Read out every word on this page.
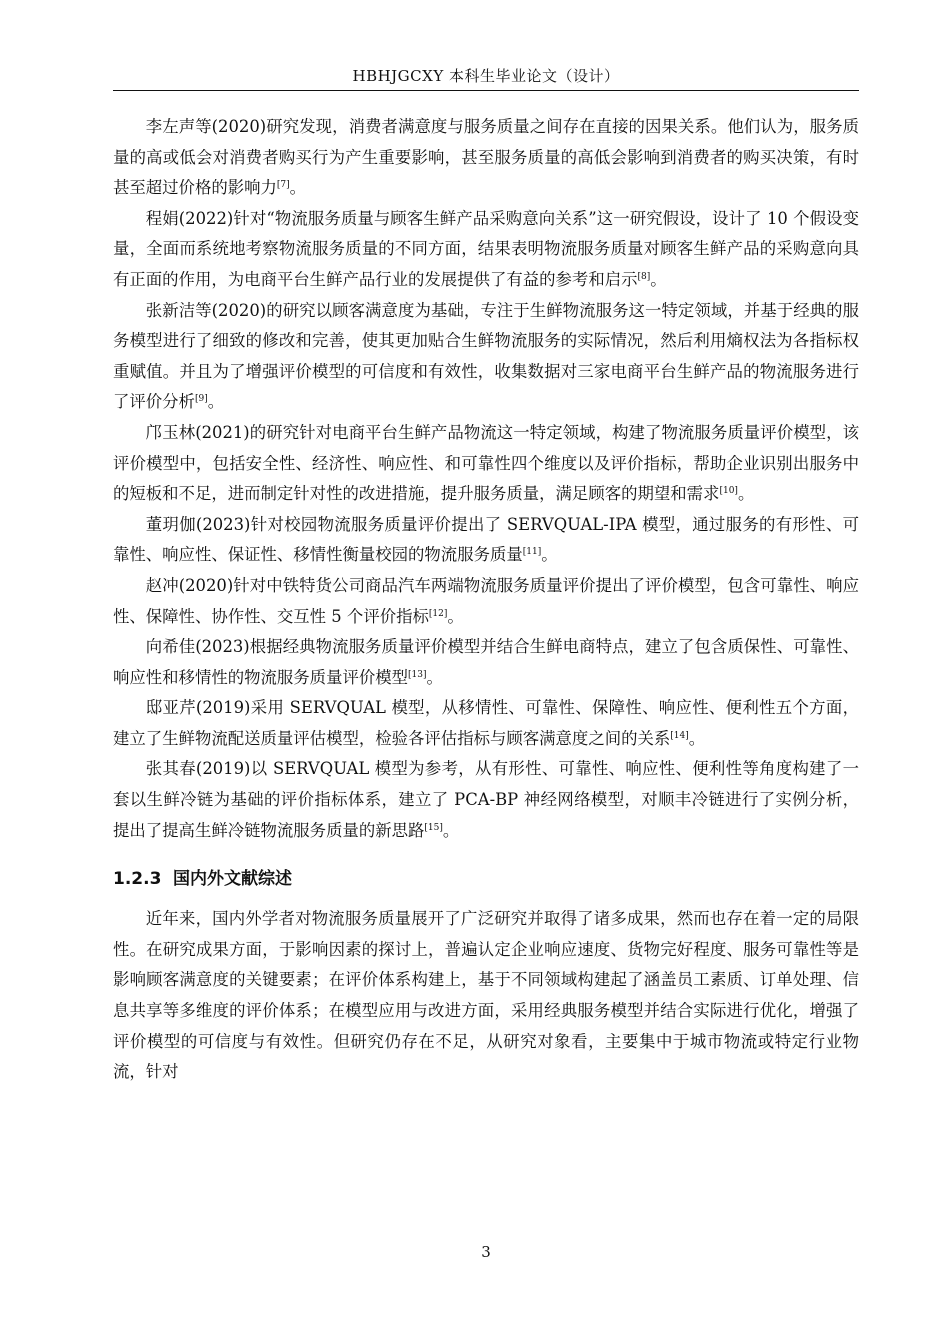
HBHJGCXY 本科生毕业论文（设计）

李左声等(2020)研究发现，消费者满意度与服务质量之间存在直接的因果关系。他们认为，服务质量的高或低会对消费者购买行为产生重要影响，甚至服务质量的高低会影响到消费者的购买决策，有时甚至超过价格的影响力[7]。

程娟(2022)针对“物流服务质量与顾客生鲜产品采购意向关系”这一研究假设，设计了 10 个假设变量，全面而系统地考察物流服务质量的不同方面，结果表明物流服务质量对顾客生鲜产品的采购意向具有正面的作用，为电商平台生鲜产品行业的发展提供了有益的参考和启示[8]。

张新洁等(2020)的研究以顾客满意度为基础，专注于生鲜物流服务这一特定领域，并基于经典的服务模型进行了细致的修改和完善，使其更加贴合生鲜物流服务的实际情况，然后利用熵权法为各指标权重赋值。并且为了增强评价模型的可信度和有效性，收集数据对三家电商平台生鲜产品的物流服务进行了评价分析[9]。

邝玉林(2021)的研究针对电商平台生鲜产品物流这一特定领域，构建了物流服务质量评价模型，该评价模型中，包括安全性、经济性、响应性、和可靠性四个维度以及评价指标，帮助企业识别出服务中的短板和不足，进而制定针对性的改进措施，提升服务质量，满足顾客的期望和需求[10]。

董玥伽(2023)针对校园物流服务质量评价提出了 SERVQUAL-IPA 模型，通过服务的有形性、可靠性、响应性、保证性、移情性衡量校园的物流服务质量[11]。

赵冲(2020)针对中铁特货公司商品汽车两端物流服务质量评价提出了评价模型，包含可靠性、响应性、保障性、协作性、交互性 5 个评价指标[12]。

向希佳(2023)根据经典物流服务质量评价模型并结合生鲜电商特点，建立了包含质保性、可靠性、响应性和移情性的物流服务质量评价模型[13]。

邸亚芹(2019)采用 SERVQUAL 模型，从移情性、可靠性、保障性、响应性、便利性五个方面，建立了生鲜物流配送质量评估模型，检验各评估指标与顾客满意度之间的关系[14]。

张其春(2019)以 SERVQUAL 模型为参考，从有形性、可靠性、响应性、便利性等角度构建了一套以生鲜冷链为基础的评价指标体系，建立了 PCA-BP 神经网络模型，对顺丰冷链进行了实例分析，提出了提高生鲜冷链物流服务质量的新思路[15]。

1.2.3 国内外文献综述

近年来，国内外学者对物流服务质量展开了广泛研究并取得了诸多成果，然而也存在着一定的局限性。在研究成果方面，于影响因素的探讨上，普遍认定企业响应速度、货物完好程度、服务可靠性等是影响顾客满意度的关键要素；在评价体系构建上，基于不同领域构建起了涵盖员工素质、订单处理、信息共享等多维度的评价体系；在模型应用与改进方面，采用经典服务模型并结合实际进行优化，增强了评价模型的可信度与有效性。但研究仍存在不足，从研究对象看，主要集中于城市物流或特定行业物流，针对

3
